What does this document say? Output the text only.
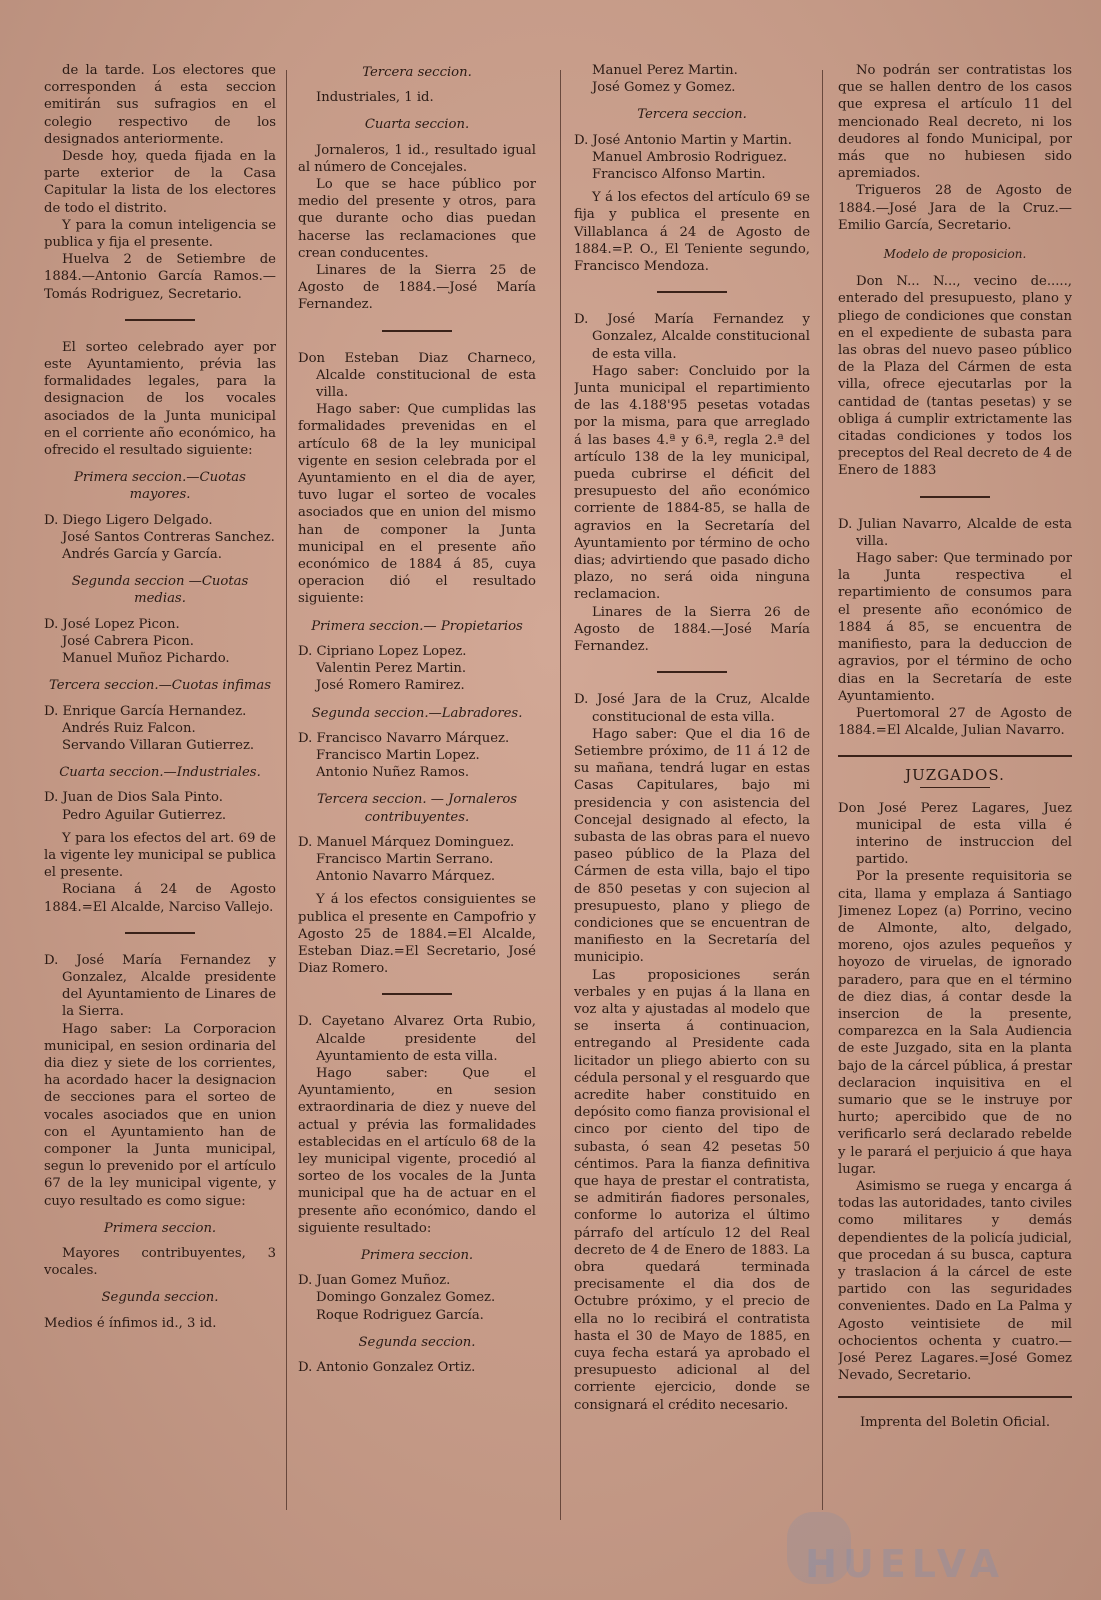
de la tarde. Los electores que corresponden á esta seccion emitirán sus sufragios en el colegio respectivo de los designados anteriormente.

Desde hoy, queda fijada en la parte exterior de la Casa Capitular la lista de los electores de todo el distrito.

Y para la comun inteligencia se publica y fija el presente.

Huelva 2 de Setiembre de 1884.—Antonio García Ramos.—Tomás Rodriguez, Secretario.

El sorteo celebrado ayer por este Ayuntamiento, prévia las formalidades legales, para la designacion de los vocales asociados de la Junta municipal en el corriente año económico, ha ofrecido el resultado siguiente:

Primera seccion.—Cuotas mayores.

D. Diego Ligero Delgado.
José Santos Contreras Sanchez.
Andrés García y García.

Segunda seccion —Cuotas medias.

D. José Lopez Picon.
José Cabrera Picon.
Manuel Muñoz Pichardo.

Tercera seccion.—Cuotas infimas

D. Enrique García Hernandez.
Andrés Ruiz Falcon.
Servando Villaran Gutierrez.

Cuarta seccion.—Industriales.

D. Juan de Dios Sala Pinto.
Pedro Aguilar Gutierrez.

Y para los efectos del art. 69 de la vigente ley municipal se publica el presente.

Rociana á 24 de Agosto 1884.=El Alcalde, Narciso Vallejo.

D. José María Fernandez y Gonzalez, Alcalde presidente del Ayuntamiento de Linares de la Sierra.

Hago saber: La Corporacion municipal, en sesion ordinaria del dia diez y siete de los corrientes, ha acordado hacer la designacion de secciones para el sorteo de vocales asociados que en union con el Ayuntamiento han de componer la Junta municipal, segun lo prevenido por el artículo 67 de la ley municipal vigente, y cuyo resultado es como sigue:

Primera seccion.

Mayores contribuyentes, 3 vocales.

Segunda seccion.

Medios é ínfimos id., 3 id.

Tercera seccion.

Industriales, 1 id.

Cuarta seccion.

Jornaleros, 1 id., resultado igual al número de Concejales.

Lo que se hace público por medio del presente y otros, para que durante ocho dias puedan hacerse las reclamaciones que crean conducentes.

Linares de la Sierra 25 de Agosto de 1884.—José María Fernandez.

Don Esteban Diaz Charneco, Alcalde constitucional de esta villa.

Hago saber: Que cumplidas las formalidades prevenidas en el artículo 68 de la ley municipal vigente en sesion celebrada por el Ayuntamiento en el dia de ayer, tuvo lugar el sorteo de vocales asociados que en union del mismo han de componer la Junta municipal en el presente año económico de 1884 á 85, cuya operacion dió el resultado siguiente:

Primera seccion.— Propietarios

D. Cipriano Lopez Lopez.
Valentin Perez Martin.
José Romero Ramirez.

Segunda seccion.—Labradores.

D. Francisco Navarro Márquez.
Francisco Martin Lopez.
Antonio Nuñez Ramos.

Tercera seccion. — Jornaleros contribuyentes.

D. Manuel Márquez Dominguez.
Francisco Martin Serrano.
Antonio Navarro Márquez.

Y á los efectos consiguientes se publica el presente en Campofrio y Agosto 25 de 1884.=El Alcalde, Esteban Diaz.=El Secretario, José Diaz Romero.

D. Cayetano Alvarez Orta Rubio, Alcalde presidente del Ayuntamiento de esta villa.

Hago saber: Que el Ayuntamiento, en sesion extraordinaria de diez y nueve del actual y prévia las formalidades establecidas en el artículo 68 de la ley municipal vigente, procedió al sorteo de los vocales de la Junta municipal que ha de actuar en el presente año económico, dando el siguiente resultado:

Primera seccion.

D. Juan Gomez Muñoz.
Domingo Gonzalez Gomez.
Roque Rodriguez García.

Segunda seccion.

D. Antonio Gonzalez Ortiz.
Manuel Perez Martin.
José Gomez y Gomez.

Tercera seccion.

D. José Antonio Martin y Martin.
Manuel Ambrosio Rodriguez.
Francisco Alfonso Martin.

Y á los efectos del artículo 69 se fija y publica el presente en Villablanca á 24 de Agosto de 1884.=P. O., El Teniente segundo, Francisco Mendoza.

D. José María Fernandez y Gonzalez, Alcalde constitucional de esta villa.

Hago saber: Concluido por la Junta municipal el repartimiento de las 4.188'95 pesetas votadas por la misma, para que arreglado á las bases 4.ª y 6.ª, regla 2.ª del artículo 138 de la ley municipal, pueda cubrirse el déficit del presupuesto del año económico corriente de 1884-85, se halla de agravios en la Secretaría del Ayuntamiento por término de ocho dias; advirtiendo que pasado dicho plazo, no será oida ninguna reclamacion.

Linares de la Sierra 26 de Agosto de 1884.—José María Fernandez.

D. José Jara de la Cruz, Alcalde constitucional de esta villa.

Hago saber: Que el dia 16 de Setiembre próximo, de 11 á 12 de su mañana, tendrá lugar en estas Casas Capitulares, bajo mi presidencia y con asistencia del Concejal designado al efecto, la subasta de las obras para el nuevo paseo público de la Plaza del Cármen de esta villa, bajo el tipo de 850 pesetas y con sujecion al presupuesto, plano y pliego de condiciones que se encuentran de manifiesto en la Secretaría del municipio.

Las proposiciones serán verbales y en pujas á la llana en voz alta y ajustadas al modelo que se inserta á continuacion, entregando al Presidente cada licitador un pliego abierto con su cédula personal y el resguardo que acredite haber constituido en depósito como fianza provisional el cinco por ciento del tipo de subasta, ó sean 42 pesetas 50 céntimos. Para la fianza definitiva que haya de prestar el contratista, se admitirán fiadores personales, conforme lo autoriza el último párrafo del artículo 12 del Real decreto de 4 de Enero de 1883. La obra quedará terminada precisamente el dia dos de Octubre próximo, y el precio de ella no lo recibirá el contratista hasta el 30 de Mayo de 1885, en cuya fecha estará ya aprobado el presupuesto adicional al del corriente ejercicio, donde se consignará el crédito necesario.

No podrán ser contratistas los que se hallen dentro de los casos que expresa el artículo 11 del mencionado Real decreto, ni los deudores al fondo Municipal, por más que no hubiesen sido apremiados.

Trigueros 28 de Agosto de 1884.—José Jara de la Cruz.—Emilio García, Secretario.

Modelo de proposicion.

Don N... N..., vecino de....., enterado del presupuesto, plano y pliego de condiciones que constan en el expediente de subasta para las obras del nuevo paseo público de la Plaza del Cármen de esta villa, ofrece ejecutarlas por la cantidad de (tantas pesetas) y se obliga á cumplir extrictamente las citadas condiciones y todos los preceptos del Real decreto de 4 de Enero de 1883

D. Julian Navarro, Alcalde de esta villa.

Hago saber: Que terminado por la Junta respectiva el repartimiento de consumos para el presente año económico de 1884 á 85, se encuentra de manifiesto, para la deduccion de agravios, por el término de ocho dias en la Secretaría de este Ayuntamiento.

Puertomoral 27 de Agosto de 1884.=El Alcalde, Julian Navarro.

JUZGADOS.

Don José Perez Lagares, Juez municipal de esta villa é interino de instruccion del partido.

Por la presente requisitoria se cita, llama y emplaza á Santiago Jimenez Lopez (a) Porrino, vecino de Almonte, alto, delgado, moreno, ojos azules pequeños y hoyozo de viruelas, de ignorado paradero, para que en el término de diez dias, á contar desde la insercion de la presente, comparezca en la Sala Audiencia de este Juzgado, sita en la planta bajo de la cárcel pública, á prestar declaracion inquisitiva en el sumario que se le instruye por hurto; apercibido que de no verificarlo será declarado rebelde y le parará el perjuicio á que haya lugar.

Asimismo se ruega y encarga á todas las autoridades, tanto civiles como militares y demás dependientes de la policía judicial, que procedan á su busca, captura y traslacion á la cárcel de este partido con las seguridades convenientes. Dado en La Palma y Agosto veintisiete de mil ochocientos ochenta y cuatro.—José Perez Lagares.=José Gomez Nevado, Secretario.

Imprenta del Boletin Oficial.

HUELVA
